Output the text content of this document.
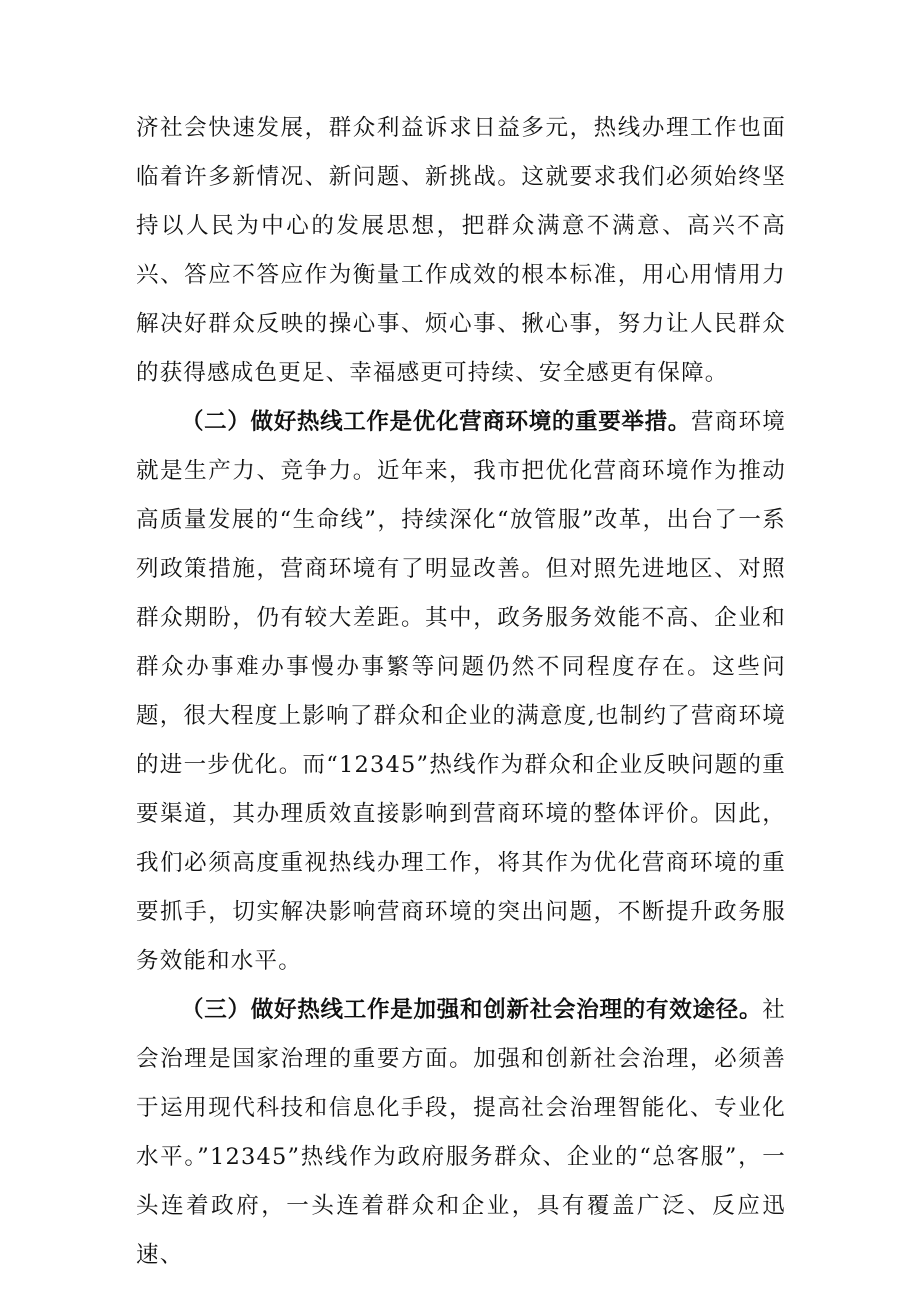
济社会快速发展，群众利益诉求日益多元，热线办理工作也面临着许多新情况、新问题、新挑战。这就要求我们必须始终坚持以人民为中心的发展思想，把群众满意不满意、高兴不高兴、答应不答应作为衡量工作成效的根本标准，用心用情用力解决好群众反映的操心事、烦心事、揪心事，努力让人民群众的获得感成色更足、幸福感更可持续、安全感更有保障。

（二）做好热线工作是优化营商环境的重要举措。营商环境就是生产力、竞争力。近年来，我市把优化营商环境作为推动高质量发展的“生命线”，持续深化“放管服”改革，出台了一系列政策措施，营商环境有了明显改善。但对照先进地区、对照群众期盼，仍有较大差距。其中，政务服务效能不高、企业和群众办事难办事慢办事繁等问题仍然不同程度存在。这些问题，很大程度上影响了群众和企业的满意度,也制约了营商环境的进一步优化。而“12345”热线作为群众和企业反映问题的重要渠道，其办理质效直接影响到营商环境的整体评价。因此，我们必须高度重视热线办理工作，将其作为优化营商环境的重要抓手，切实解决影响营商环境的突出问题，不断提升政务服务效能和水平。

（三）做好热线工作是加强和创新社会治理的有效途径。社会治理是国家治理的重要方面。加强和创新社会治理，必须善于运用现代科技和信息化手段，提高社会治理智能化、专业化水平。”12345”热线作为政府服务群众、企业的“总客服”，一头连着政府，一头连着群众和企业，具有覆盖广泛、反应迅速、
